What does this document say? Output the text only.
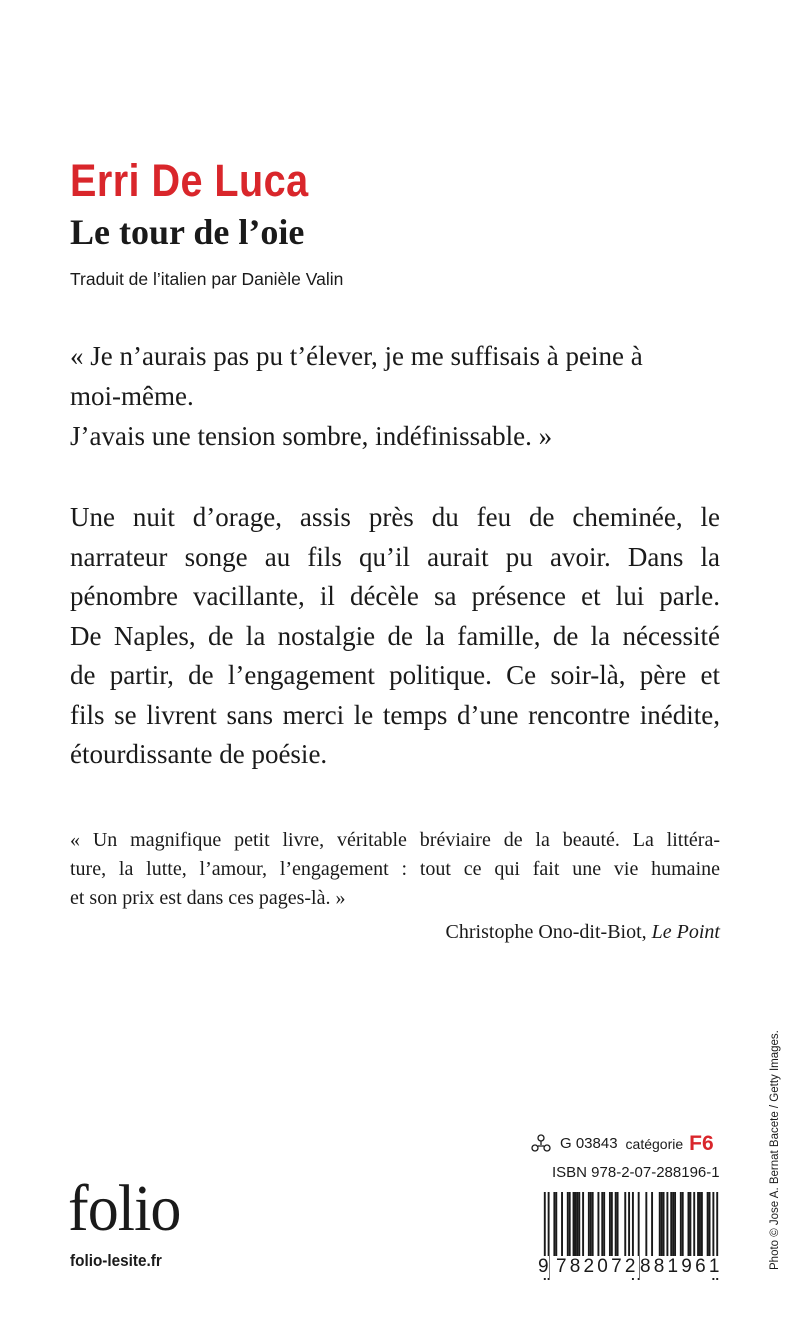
Erri De Luca
Le tour de l’oie
Traduit de l’italien par Danièle Valin

« Je n’aurais pas pu t’élever, je me suffisais à peine à
moi-même.
J’avais une tension sombre, indéfinissable. »

Une nuit d’orage, assis près du feu de cheminée, le
narrateur songe au fils qu’il aurait pu avoir. Dans la
pénombre vacillante, il décèle sa présence et lui parle.
De Naples, de la nostalgie de la famille, de la nécessité
de partir, de l’engagement politique. Ce soir-là, père et
fils se livrent sans merci le temps d’une rencontre inédite,
étourdissante de poésie.

« Un magnifique petit livre, véritable bréviaire de la beauté. La littéra-
ture, la lutte, l’amour, l’engagement : tout ce qui fait une vie humaine
et son prix est dans ces pages-là. »

Christophe Ono-dit-Biot, Le Point
Photo © Jose A. Bernat Bacete / Getty Images.
folio
folio-lesite.fr
G 03843 catégorie F6
ISBN 978-2-07-288196-1
9 782072 881961
